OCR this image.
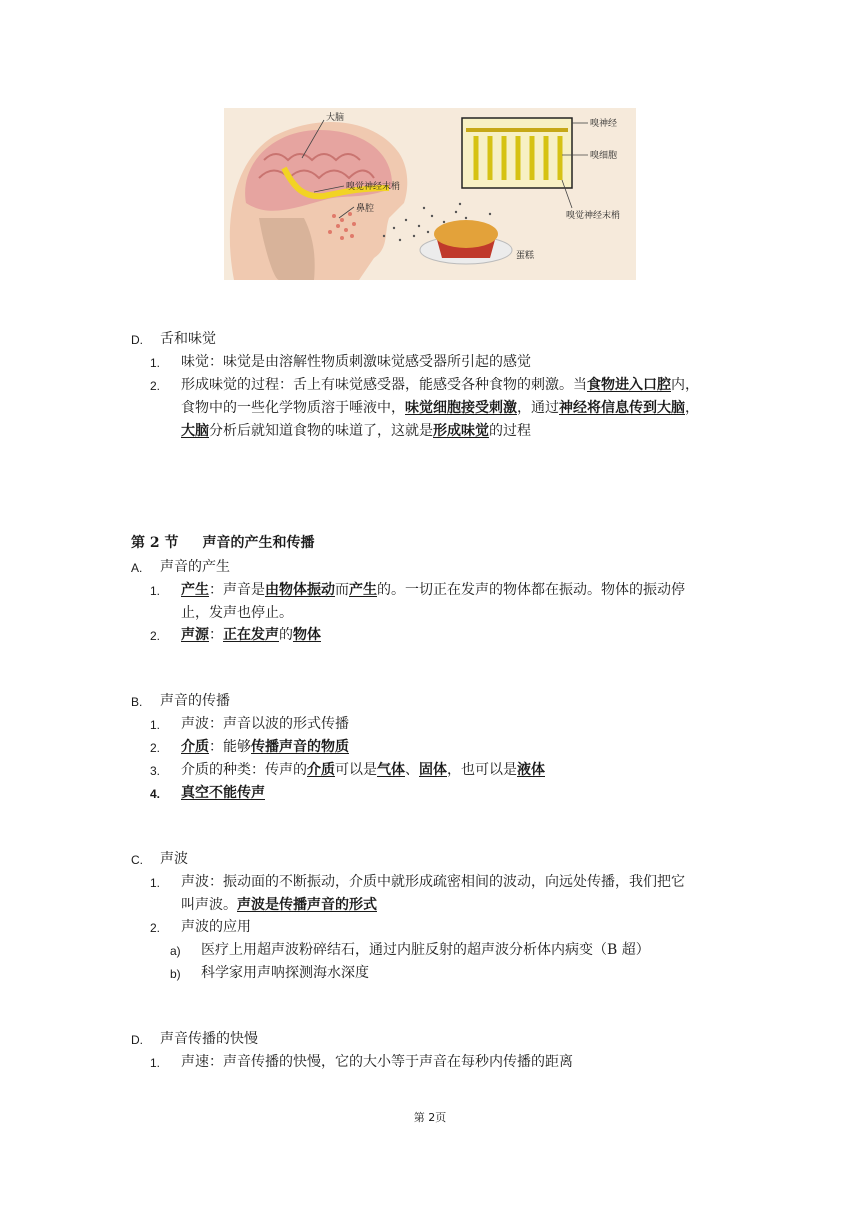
大脑
嗅神经
嗅细胞
嗅觉神经末梢
鼻腔
嗅觉神经末梢
蛋糕
D. 舌和味觉
1. 味觉：味觉是由溶解性物质刺激味觉感受器所引起的感觉
2. 形成味觉的过程：舌上有味觉感受器，能感受各种食物的刺激。当食物进入口腔内，
食物中的一些化学物质溶于唾液中，味觉细胞接受刺激，通过神经将信息传到大脑，
大脑分析后就知道食物的味道了，这就是形成味觉的过程
第 2 节 声音的产生和传播
A. 声音的产生
1. 产生：声音是由物体振动而产生的。一切正在发声的物体都在振动。物体的振动停
止，发声也停止。
2. 声源：正在发声的物体
B. 声音的传播
1. 声波：声音以波的形式传播
2. 介质：能够传播声音的物质
3. 介质的种类：传声的介质可以是气体、固体，也可以是液体
4. 真空不能传声
C. 声波
1. 声波：振动面的不断振动，介质中就形成疏密相间的波动，向远处传播，我们把它
叫声波。声波是传播声音的形式
2. 声波的应用
a) 医疗上用超声波粉碎结石，通过内脏反射的超声波分析体内病变（B 超）
b) 科学家用声呐探测海水深度
D. 声音传播的快慢
1. 声速：声音传播的快慢，它的大小等于声音在每秒内传播的距离
第 2页
